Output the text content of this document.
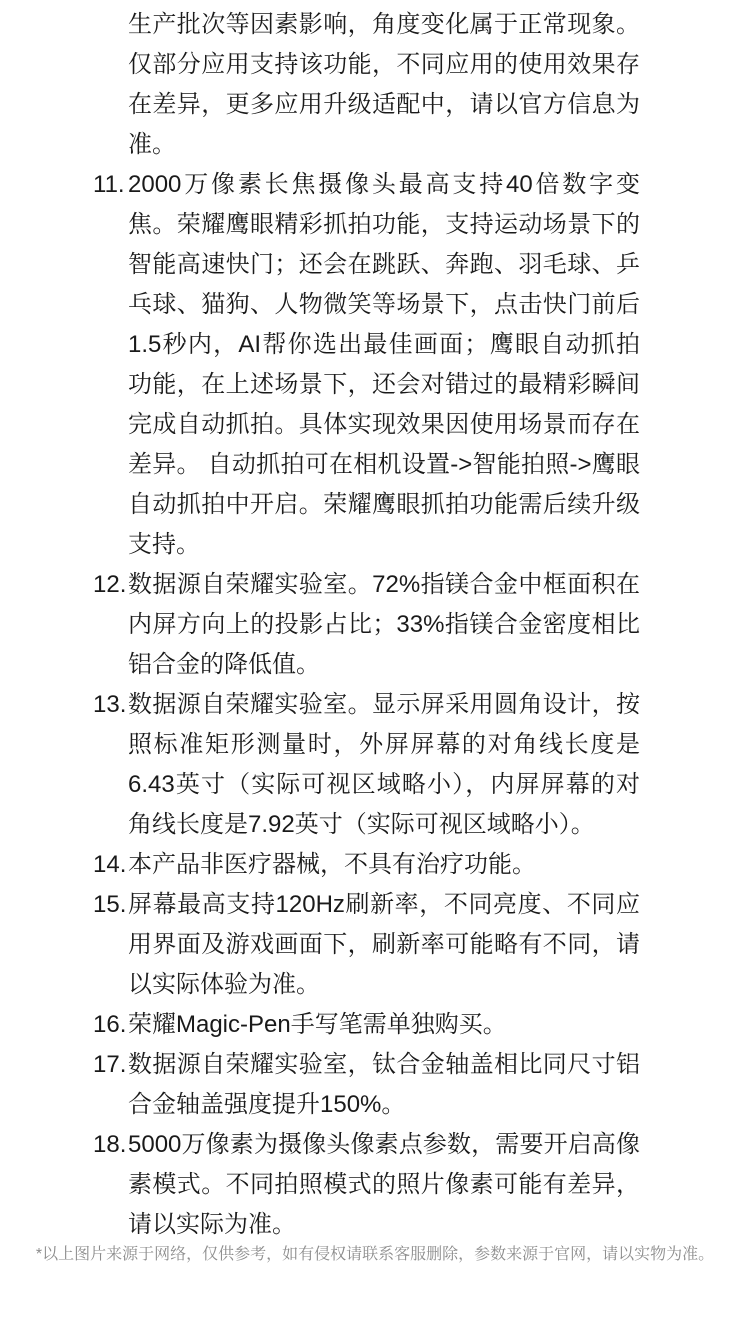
生产批次等因素影响，角度变化属于正常现象。仅部分应用支持该功能，不同应用的使用效果存在差异，更多应用升级适配中，请以官方信息为准。

11. 2000万像素长焦摄像头最高支持40倍数字变焦。荣耀鹰眼精彩抓拍功能，支持运动场景下的智能高速快门；还会在跳跃、奔跑、羽毛球、乒乓球、猫狗、人物微笑等场景下，点击快门前后1.5秒内，AI帮你选出最佳画面；鹰眼自动抓拍功能，在上述场景下，还会对错过的最精彩瞬间完成自动抓拍。具体实现效果因使用场景而存在差异。 自动抓拍可在相机设置->智能拍照->鹰眼自动抓拍中开启。荣耀鹰眼抓拍功能需后续升级支持。
12. 数据源自荣耀实验室。72%指镁合金中框面积在内屏方向上的投影占比；33%指镁合金密度相比铝合金的降低值。
13. 数据源自荣耀实验室。显示屏采用圆角设计，按照标准矩形测量时，外屏屏幕的对角线长度是6.43英寸（实际可视区域略小），内屏屏幕的对角线长度是7.92英寸（实际可视区域略小）。
14. 本产品非医疗器械，不具有治疗功能。
15. 屏幕最高支持120Hz刷新率，不同亮度、不同应用界面及游戏画面下，刷新率可能略有不同，请以实际体验为准。
16. 荣耀Magic-Pen手写笔需单独购买。
17. 数据源自荣耀实验室，钛合金轴盖相比同尺寸铝合金轴盖强度提升150%。
18. 5000万像素为摄像头像素点参数，需要开启高像素模式。不同拍照模式的照片像素可能有差异，请以实际为准。
*以上图片来源于网络，仅供参考，如有侵权请联系客服删除，参数来源于官网，请以实物为准。
